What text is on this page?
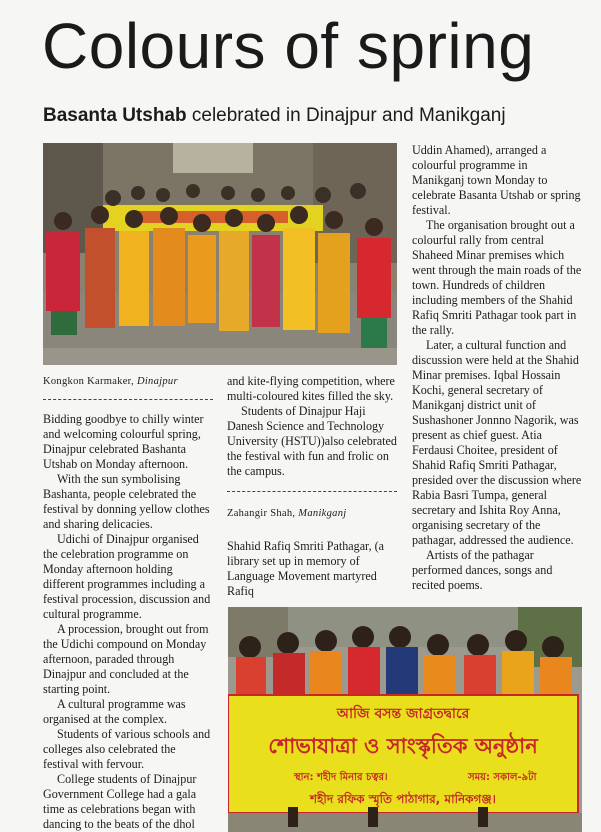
Colours of spring
Basanta Utshab celebrated in Dinajpur and Manikganj
Kongkon Karmaker, Dinajpur

Bidding goodbye to chilly winter and welcoming colourful spring, Dinajpur celebrated Bashanta Utshab on Monday afternoon.

With the sun symbolising Bashanta, people celebrated the festival by donning yellow clothes and sharing delicacies.

Udichi of Dinajpur organised the celebration programme on Monday afternoon holding different programmes including a festival procession, discussion and cultural programme.

A procession, brought out from the Udichi compound on Monday afternoon, paraded through Dinajpur and concluded at the starting point.

A cultural programme was organised at the complex.

Students of various schools and colleges also celebrated the festival with fervour.

College students of Dinajpur Government College had a gala time as celebrations began with dancing to the beats of the dhol

and kite-flying competition, where multi-coloured kites filled the sky.

Students of Dinajpur Haji Danesh Science and Technology University (HSTU))also celebrated the festival with fun and frolic on the campus.

Zahangir Shah, Manikganj

Shahid Rafiq Smriti Pathagar, (a library set up in memory of Language Movement martyred Rafiq

Uddin Ahamed), arranged a colourful programme in Manikganj town Monday to celebrate Basanta Utshab or spring festival.

The organisation brought out a colourful rally from central Shaheed Minar premises which went through the main roads of the town. Hundreds of children including members of the Shahid Rafiq Smriti Pathagar took part in the rally.

Later, a cultural function and discussion were held at the Shahid Minar premises. Iqbal Hossain Kochi, general secretary of Manikganj district unit of Sushashoner Jonnno Nagorik, was present as chief guest. Atia Ferdausi Choitee, president of Shahid Rafiq Smriti Pathagar, presided over the discussion where Rabia Basri Tumpa, general secretary and Ishita Roy Anna, organising secretary of the pathagar, addressed the audience.

Artists of the pathagar performed dances, songs and recited poems.

আজি বসন্ত জাগ্রতদ্বারে
শোভাযাত্রা ও সাংস্কৃতিক অনুষ্ঠান
স্থান: শহীদ মিনার চত্বর।	সময়: সকাল-৯টা
শহীদ রফিক স্মৃতি পাঠাগার, মানিকগঞ্জ।
